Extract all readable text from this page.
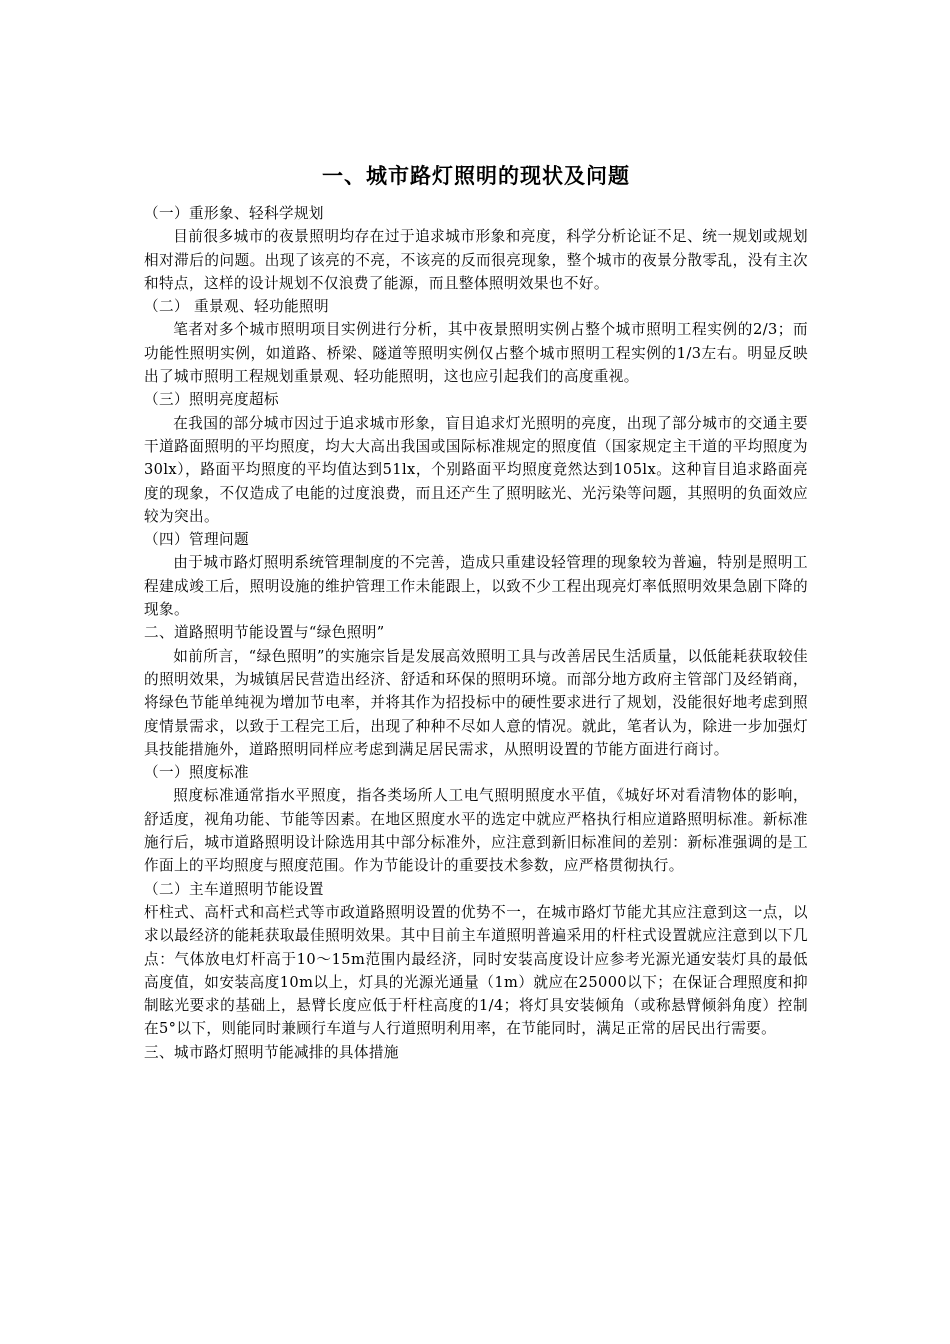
一、城市路灯照明的现状及问题

（一）重形象、轻科学规划

目前很多城市的夜景照明均存在过于追求城市形象和亮度，科学分析论证不足、统一规划或规划相对滞后的问题。出现了该亮的不亮，不该亮的反而很亮现象，整个城市的夜景分散零乱，没有主次和特点，这样的设计规划不仅浪费了能源，而且整体照明效果也不好。

（二） 重景观、轻功能照明

笔者对多个城市照明项目实例进行分析，其中夜景照明实例占整个城市照明工程实例的2/3；而功能性照明实例，如道路、桥梁、隧道等照明实例仅占整个城市照明工程实例的1/3左右。明显反映出了城市照明工程规划重景观、轻功能照明，这也应引起我们的高度重视。

（三）照明亮度超标

在我国的部分城市因过于追求城市形象，盲目追求灯光照明的亮度，出现了部分城市的交通主要干道路面照明的平均照度，均大大高出我国或国际标准规定的照度值（国家规定主干道的平均照度为30lx），路面平均照度的平均值达到51lx，个别路面平均照度竟然达到105lx。这种盲目追求路面亮度的现象，不仅造成了电能的过度浪费，而且还产生了照明眩光、光污染等问题，其照明的负面效应较为突出。

（四）管理问题

由于城市路灯照明系统管理制度的不完善，造成只重建设轻管理的现象较为普遍，特别是照明工程建成竣工后，照明设施的维护管理工作未能跟上，以致不少工程出现亮灯率低照明效果急剧下降的现象。

二、道路照明节能设置与“绿色照明”

如前所言，“绿色照明”的实施宗旨是发展高效照明工具与改善居民生活质量，以低能耗获取较佳的照明效果，为城镇居民营造出经济、舒适和环保的照明环境。而部分地方政府主管部门及经销商，将绿色节能单纯视为增加节电率，并将其作为招投标中的硬性要求进行了规划，没能很好地考虑到照度情景需求，以致于工程完工后，出现了种种不尽如人意的情况。就此，笔者认为，除进一步加强灯具技能措施外，道路照明同样应考虑到满足居民需求，从照明设置的节能方面进行商讨。

（一）照度标准

照度标准通常指水平照度，指各类场所人工电气照明照度水平值，《城好坏对看清物体的影响，舒适度，视角功能、节能等因素。在地区照度水平的选定中就应严格执行相应道路照明标准。新标准施行后，城市道路照明设计除选用其中部分标准外，应注意到新旧标准间的差别：新标准强调的是工作面上的平均照度与照度范围。作为节能设计的重要技术参数，应严格贯彻执行。

（二）主车道照明节能设置

杆柱式、高杆式和高栏式等市政道路照明设置的优势不一，在城市路灯节能尤其应注意到这一点，以求以最经济的能耗获取最佳照明效果。其中目前主车道照明普遍采用的杆柱式设置就应注意到以下几点：气体放电灯杆高于10～15m范围内最经济，同时安装高度设计应参考光源光通安装灯具的最低高度值，如安装高度10m以上，灯具的光源光通量（1m）就应在25000以下；在保证合理照度和抑制眩光要求的基础上，悬臂长度应低于杆柱高度的1/4；将灯具安装倾角（或称悬臂倾斜角度）控制在5°以下，则能同时兼顾行车道与人行道照明利用率，在节能同时，满足正常的居民出行需要。

三、城市路灯照明节能减排的具体措施
